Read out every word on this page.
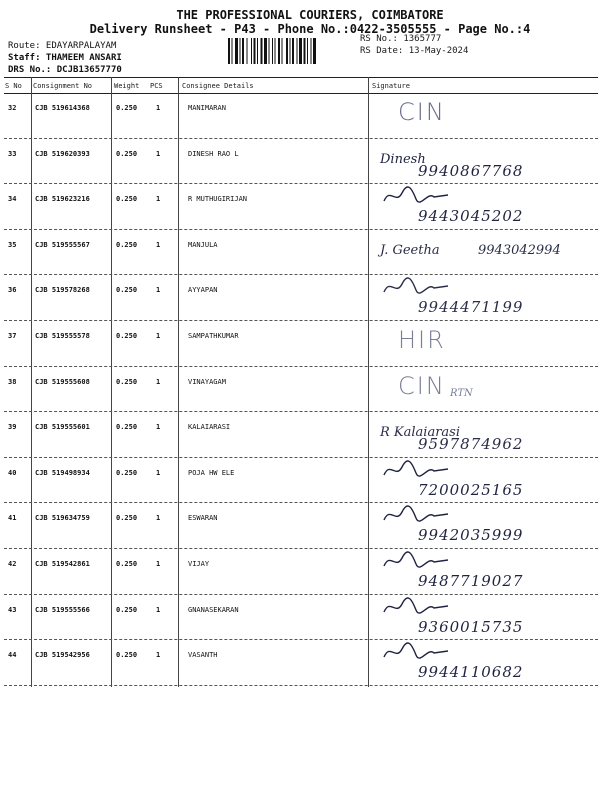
THE PROFESSIONAL COURIERS, COIMBATORE
Delivery Runsheet - P43 - Phone No.:0422-3505555 - Page No.:4
Route: EDAYARPALAYAM
Staff: THAMEEM ANSARI
DRS No.: DCJB13657770
RS No.: 1365777
RS Date: 13-May-2024
S No Consignment No	Weight PCS	Consignee Details	Signature
32	CJB 519614368	0.250	1	MANIMARAN	CIN
33	CJB 519620393	0.250	1	DINESH RAO L	Dinesh
9940867768
34	CJB 519623216	0.250	1	R MUTHUGIRIJAN
9443045202
35	CJB 519555567	0.250	1	MANJULA	J. Geetha	9943042994
36	CJB 519578268	0.250	1	AYYAPAN
9944471199
37	CJB 519555578	0.250	1	SAMPATHKUMAR	HIR
38	CJB 519555608	0.250	1	VINAYAGAM	CIN RTN
39	CJB 519555601	0.250	1	KALAIARASI	R Kalaiarasi
9597874962
40	CJB 519498934	0.250	1	POJA HW ELE
7200025165
41	CJB 519634759	0.250	1	ESWARAN
9942035999
42	CJB 519542861	0.250	1	VIJAY
9487719027
43	CJB 519555566	0.250	1	GNANASEKARAN
9360015735
44	CJB 519542956	0.250	1	VASANTH
9944110682
